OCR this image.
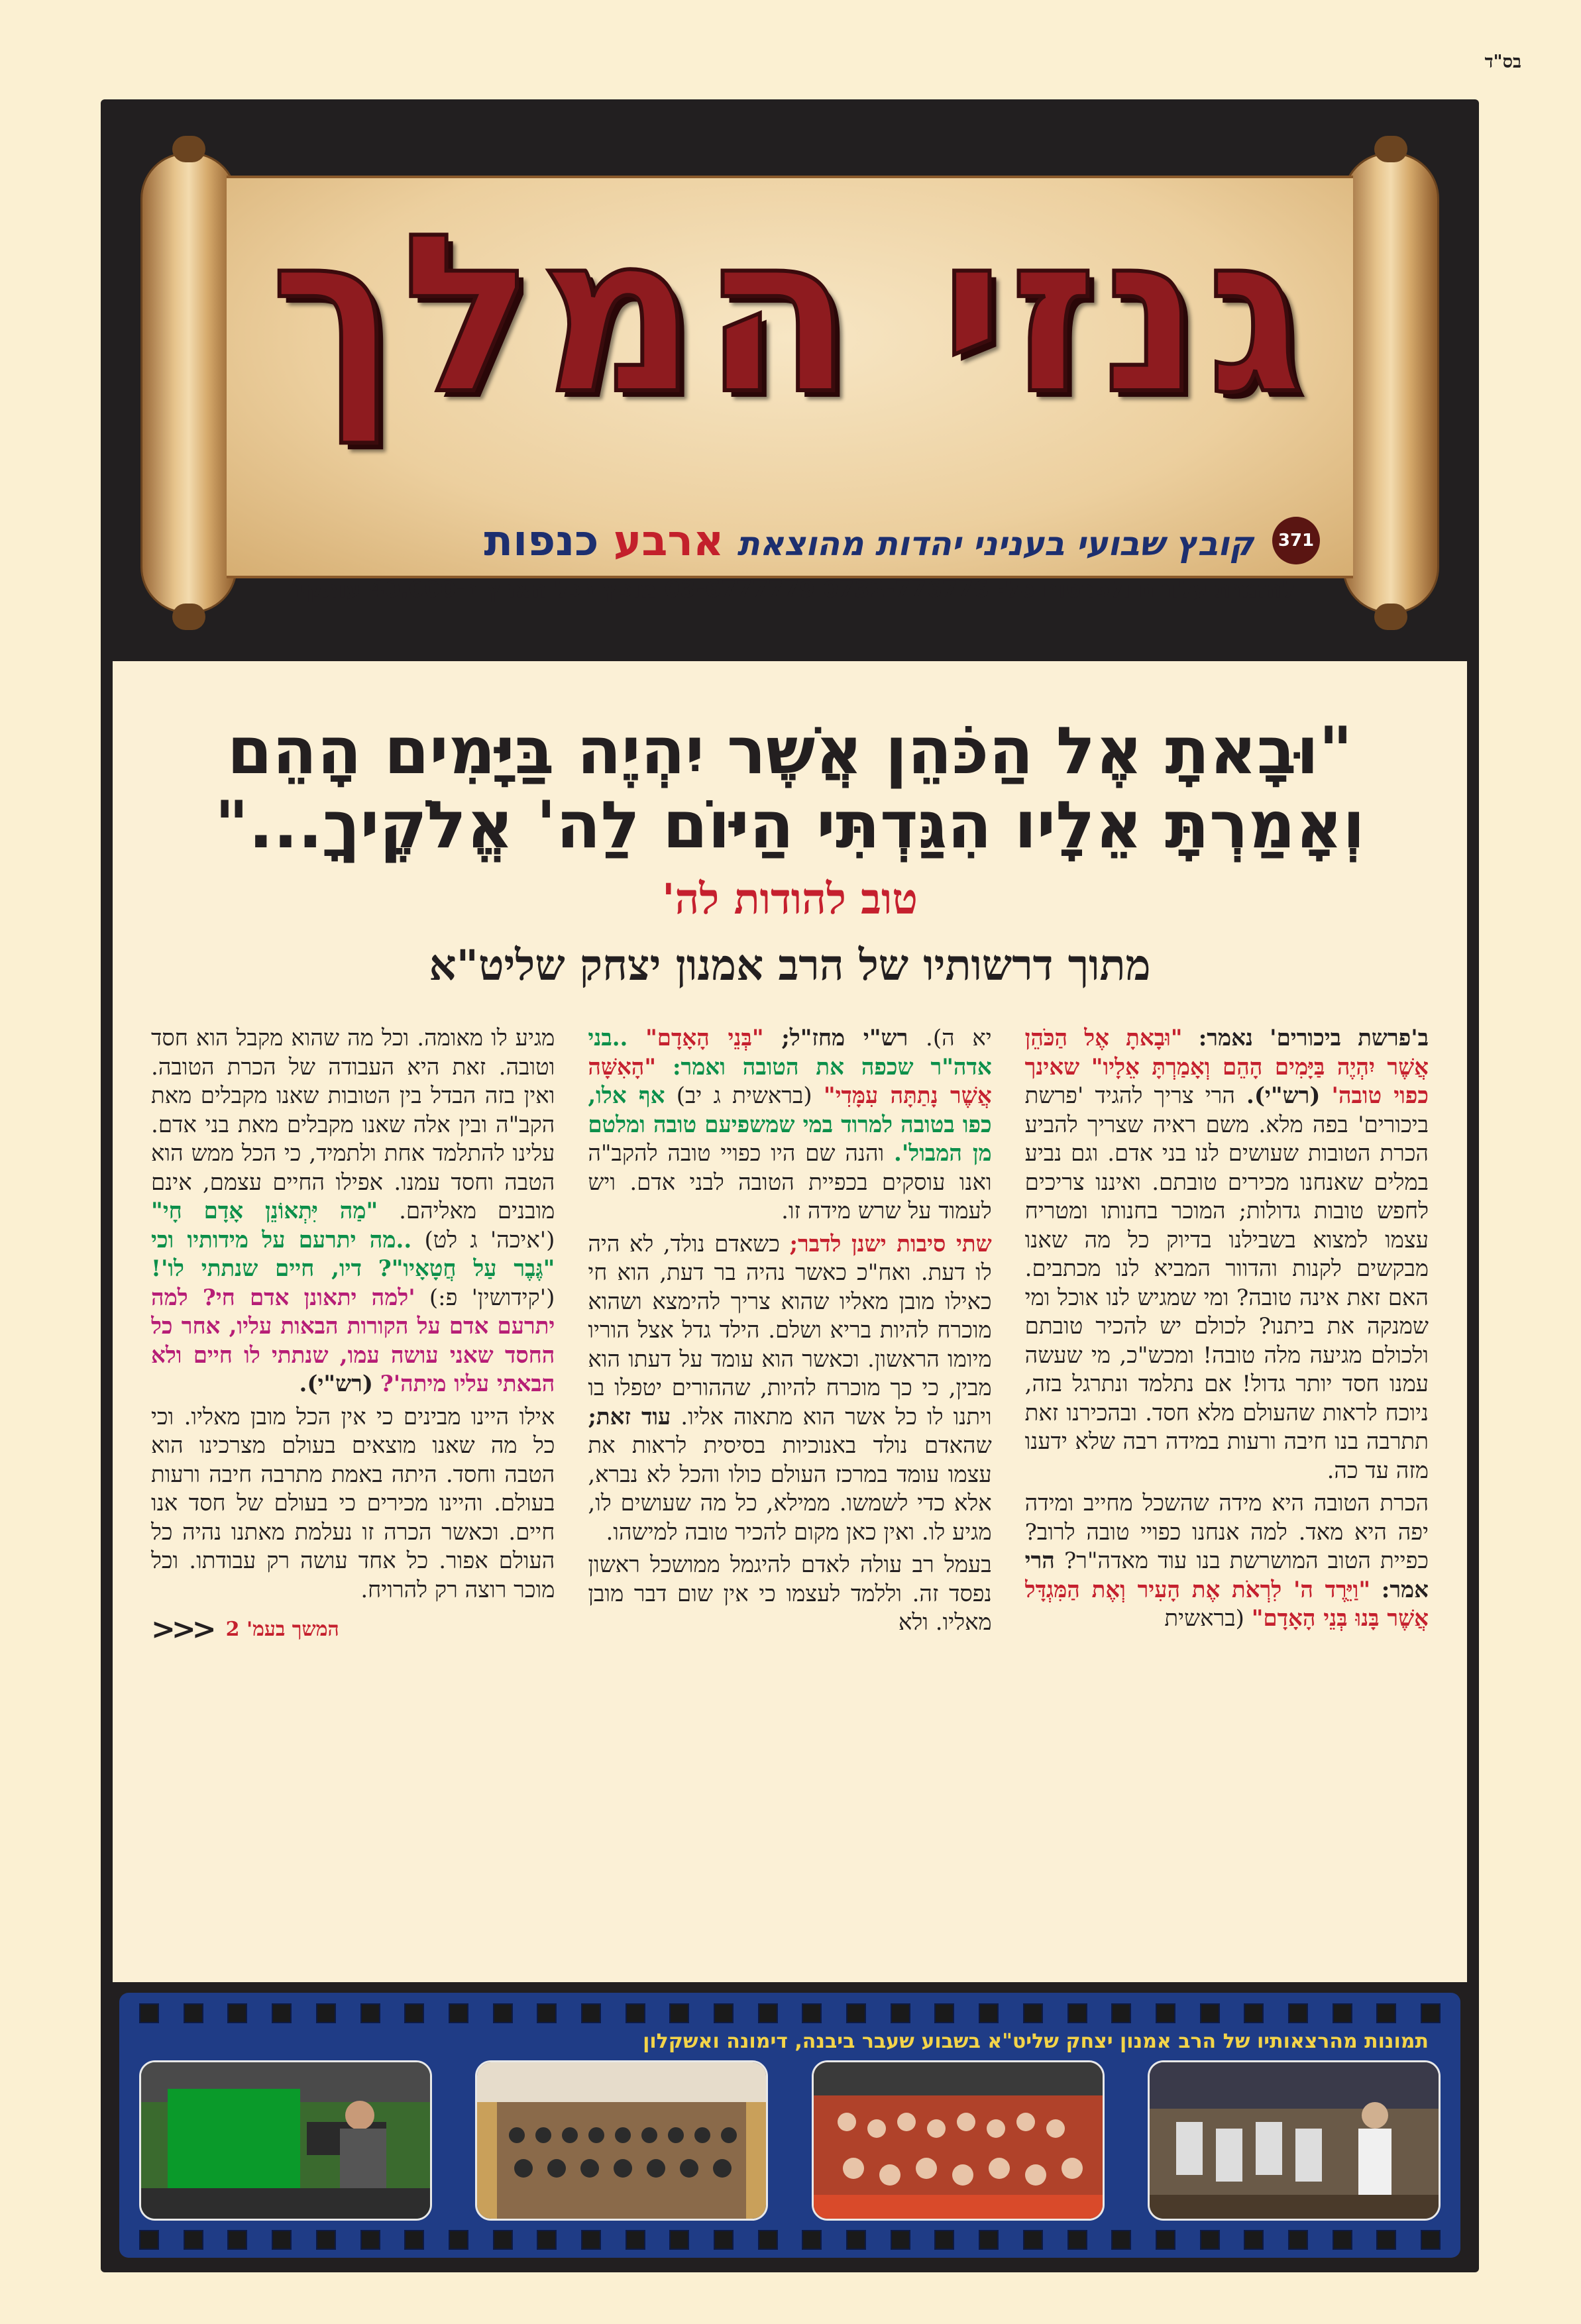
בס"ד
גנזי המלך
371
קובץ שבועי בעניני יהדות מהוצאת
ארבע כנפות
להזמנת עלונים ולפרסום טל: 0732-776776 03-6777779 מופץ בכל הארץ ב-40,000 עותקים
"וּבָאתָ אֶל הַכֹּהֵן אֲשֶׁר יִהְיֶה בַּיָּמִים הָהֵם
וְאָמַרְתָּ אֵלָיו הִגַּדְתִּי הַיּוֹם לַה' אֱלֹקֶיךָ..."
טוב להודות לה'
מתוך דרשותיו של הרב אמנון יצחק שליט"א

ב'פרשת ביכורים' נאמר: "וּבָאתָ אֶל הַכֹּהֵן אֲשֶׁר יִהְיֶה בַּיָּמִים הָהֵם וְאָמַרְתָּ אֵלָיו" שאינך כפוי טובה' (רש"י). הרי צריך להגיד 'פרשת ביכורים' בפה מלא. משם ראיה שצריך להביע הכרת הטובות שעושים לנו בני אדם. וגם נביע במלים שאנחנו מכירים טובתם. ואיננו צריכים לחפש טובות גדולות; המוכר בחנותו ומטריח עצמו למצוא בשבילנו בדיוק כל מה שאנו מבקשים לקנות והדוור המביא לנו מכתבים. האם זאת אינה טובה? ומי שמגיש לנו אוכל ומי שמנקה את ביתנו? לכולם יש להכיר טובתם ולכולם מגיעה מלה טובה! ומכש"כ, מי שעשה עמנו חסד יותר גדול! אם נתלמד ונתרגל בזה, ניוכח לראות שהעולם מלא חסד. ובהכירנו זאת תתרבה בנו חיבה ורעות במידה רבה שלא ידענו מזה עד כה.

הכרת הטובה היא מידה שהשכל מחייב ומידה יפה היא מאד. למה אנחנו כפויי טובה לרוב? כפיית הטוב המושרשת בנו עוד מאדה"ר? הרי אמר: "וַיֵּרֶד ה' לִרְאֹת אֶת הָעִיר וְאֶת הַמִּגְדָּל אֲשֶׁר בָּנוּ בְּנֵי הָאָדָם" (בראשית

יא ה). רש"י מחז"ל; "בְּנֵי הָאָדָם" ..בני אדה"ר שכפה את הטובה ואמר: "הָאִשָּׁה אֲשֶׁר נָתַתָּה עִמָּדִי" (בראשית ג יב) אף אלו, כפו בטובה למרוד במי שמשפיעם טובה ומלטם מן המבול'. והנה שם היו כפויי טובה להקב"ה ואנו עוסקים בכפיית הטובה לבני אדם. ויש לעמוד על שרש מידה זו.

שתי סיבות ישנן לדבר; כשאדם נולד, לא היה לו דעת. ואח"כ כאשר נהיה בר דעת, הוא חי כאילו מובן מאליו שהוא צריך להימצא ושהוא מוכרח להיות בריא ושלם. הילד גדל אצל הוריו מיומו הראשון. וכאשר הוא עומד על דעתו הוא מבין, כי כך מוכרח להיות, שההורים יטפלו בו ויתנו לו כל אשר הוא מתאוה אליו. עוד זאת; שהאדם נולד באנוכיות בסיסית לראות את עצמו עומד במרכז העולם כולו והכל לא נברא, אלא כדי לשמשו. ממילא, כל מה שעושים לו, מגיע לו. ואין כאן מקום להכיר טובה למישהו.

בעמל רב עולה לאדם להיגמל ממושכל ראשון נפסד זה. וללמד לעצמו כי אין שום דבר מובן מאליו. ולא

מגיע לו מאומה. וכל מה שהוא מקבל הוא חסד וטובה. זאת היא העבודה של הכרת הטובה. ואין בזה הבדל בין הטובות שאנו מקבלים מאת הקב"ה ובין אלה שאנו מקבלים מאת בני אדם. עלינו להתלמד אחת ולתמיד, כי הכל ממש הוא הטבה וחסד עמנו. אפילו החיים עצמם, אינם מובנים מאליהם. "מַה יִּתְאוֹנֵן אָדָם חָי" ('איכה' ג לט) ..מה יתרעם על מידותיו וכי "גֶּבֶר עַל חֲטָאָיו"? דיו, חיים שנתתי לו'! ('קידושין' פ:) 'למה יתאונן אדם חי? למה יתרעם אדם על הקורות הבאות עליו, אחר כל החסד שאני עושה עמו, שנתתי לו חיים ולא הבאתי עליו מיתה'? (רש"י).

אילו היינו מבינים כי אין הכל מובן מאליו. וכי כל מה שאנו מוצאים בעולם מצרכינו הוא הטבה וחסד. היתה באמת מתרבה חיבה ורעות בעולם. והיינו מכירים כי בעולם של חסד אנו חיים. וכאשר הכרה זו נעלמת מאתנו נהיה כל העולם אפור. כל אחד עושה רק עבודתו. וכל מוכר רוצה רק להרויח.

המשך בעמ' 2
<<<
תמונות מהרצאותיו של הרב אמנון יצחק שליט"א בשבוע שעבר ביבנה, דימונה ואשקלון
